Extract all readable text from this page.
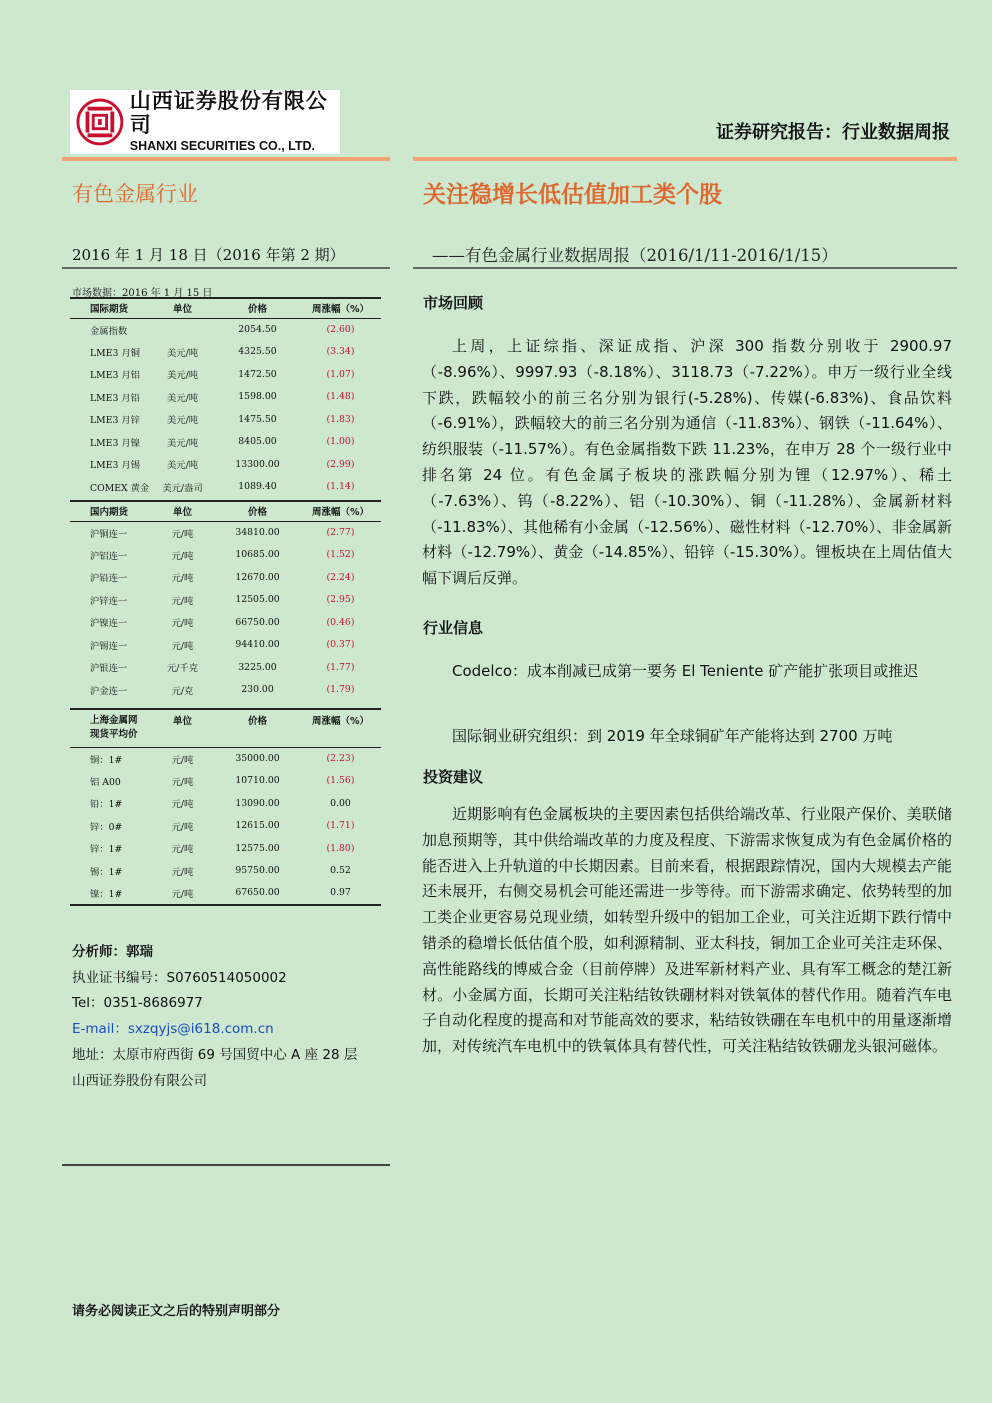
山西证券股份有限公司
SHANXI SECURITIES CO., LTD.
证券研究报告：行业数据周报
有色金属行业	关注稳增长低估值加工类个股
2016 年 1 月 18 日（2016 年第 2 期）	——有色金属行业数据周报（2016/1/11-2016/1/15）
市场数据：2016 年 1 月 15 日
国际期货	单位	价格	周涨幅（%）
金属指数		2054.50	(2.60)
LME3 月铜	美元/吨	4325.50	(3.34)
LME3 月铝	美元/吨	1472.50	(1.07)
LME3 月铅	美元/吨	1598.00	(1.48)
LME3 月锌	美元/吨	1475.50	(1.83)
LME3 月镍	美元/吨	8405.00	(1.00)
LME3 月锡	美元/吨	13300.00	(2.99)
COMEX 黄金	美元/盎司	1089.40	(1.14)
国内期货	单位	价格	周涨幅（%）
沪铜连一	元/吨	34810.00	(2.77)
沪铝连一	元/吨	10685.00	(1.52)
沪铅连一	元/吨	12670.00	(2.24)
沪锌连一	元/吨	12505.00	(2.95)
沪镍连一	元/吨	66750.00	(0.46)
沪锡连一	元/吨	94410.00	(0.37)
沪银连一	元/千克	3225.00	(1.77)
沪金连一	元/克	230.00	(1.79)
上海金属网
现货平均价	单位	价格	周涨幅（%）
铜：1#	元/吨	35000.00	(2.23)
铝 A00	元/吨	10710.00	(1.56)
铅：1#	元/吨	13090.00	0.00
锌：0#	元/吨	12615.00	(1.71)
锌：1#	元/吨	12575.00	(1.80)
锡：1#	元/吨	95750.00	0.52
镍：1#	元/吨	67650.00	0.97
分析师：郭瑞
执业证书编号：S0760514050002
Tel：0351-8686977
E-mail：sxzqyjs@i618.com.cn
地址：太原市府西街 69 号国贸中心 A 座 28 层
山西证券股份有限公司
请务必阅读正文之后的特别声明部分
市场回顾
上周，上证综指、深证成指、沪深 300 指数分别收于 2900.97（-8.96%）、9997.93（-8.18%）、3118.73（-7.22%）。申万一级行业全线下跌，跌幅较小的前三名分别为银行(-5.28%)、传媒(-6.83%)、食品饮料（-6.91%），跌幅较大的前三名分别为通信（-11.83%）、钢铁（-11.64%）、纺织服装（-11.57%）。有色金属指数下跌 11.23%，在申万 28 个一级行业中排名第 24 位。有色金属子板块的涨跌幅分别为锂（12.97%）、稀土（-7.63%）、钨（-8.22%）、铝（-10.30%）、铜（-11.28%）、金属新材料（-11.83%）、其他稀有小金属（-12.56%）、磁性材料（-12.70%）、非金属新材料（-12.79%）、黄金（-14.85%）、铅锌（-15.30%）。锂板块在上周估值大幅下调后反弹。
行业信息
Codelco：成本削减已成第一要务 El Teniente 矿产能扩张项目或推迟
国际铜业研究组织：到 2019 年全球铜矿年产能将达到 2700 万吨
投资建议
近期影响有色金属板块的主要因素包括供给端改革、行业限产保价、美联储加息预期等，其中供给端改革的力度及程度、下游需求恢复成为有色金属价格的能否进入上升轨道的中长期因素。目前来看，根据跟踪情况，国内大规模去产能还未展开，右侧交易机会可能还需进一步等待。而下游需求确定、依势转型的加工类企业更容易兑现业绩，如转型升级中的铝加工企业，可关注近期下跌行情中错杀的稳增长低估值个股，如利源精制、亚太科技，铜加工企业可关注走环保、高性能路线的博威合金（目前停牌）及进军新材料产业、具有军工概念的楚江新材。小金属方面，长期可关注粘结钕铁硼材料对铁氧体的替代作用。随着汽车电子自动化程度的提高和对节能高效的要求，粘结钕铁硼在车电机中的用量逐渐增加，对传统汽车电机中的铁氧体具有替代性，可关注粘结钕铁硼龙头银河磁体。
